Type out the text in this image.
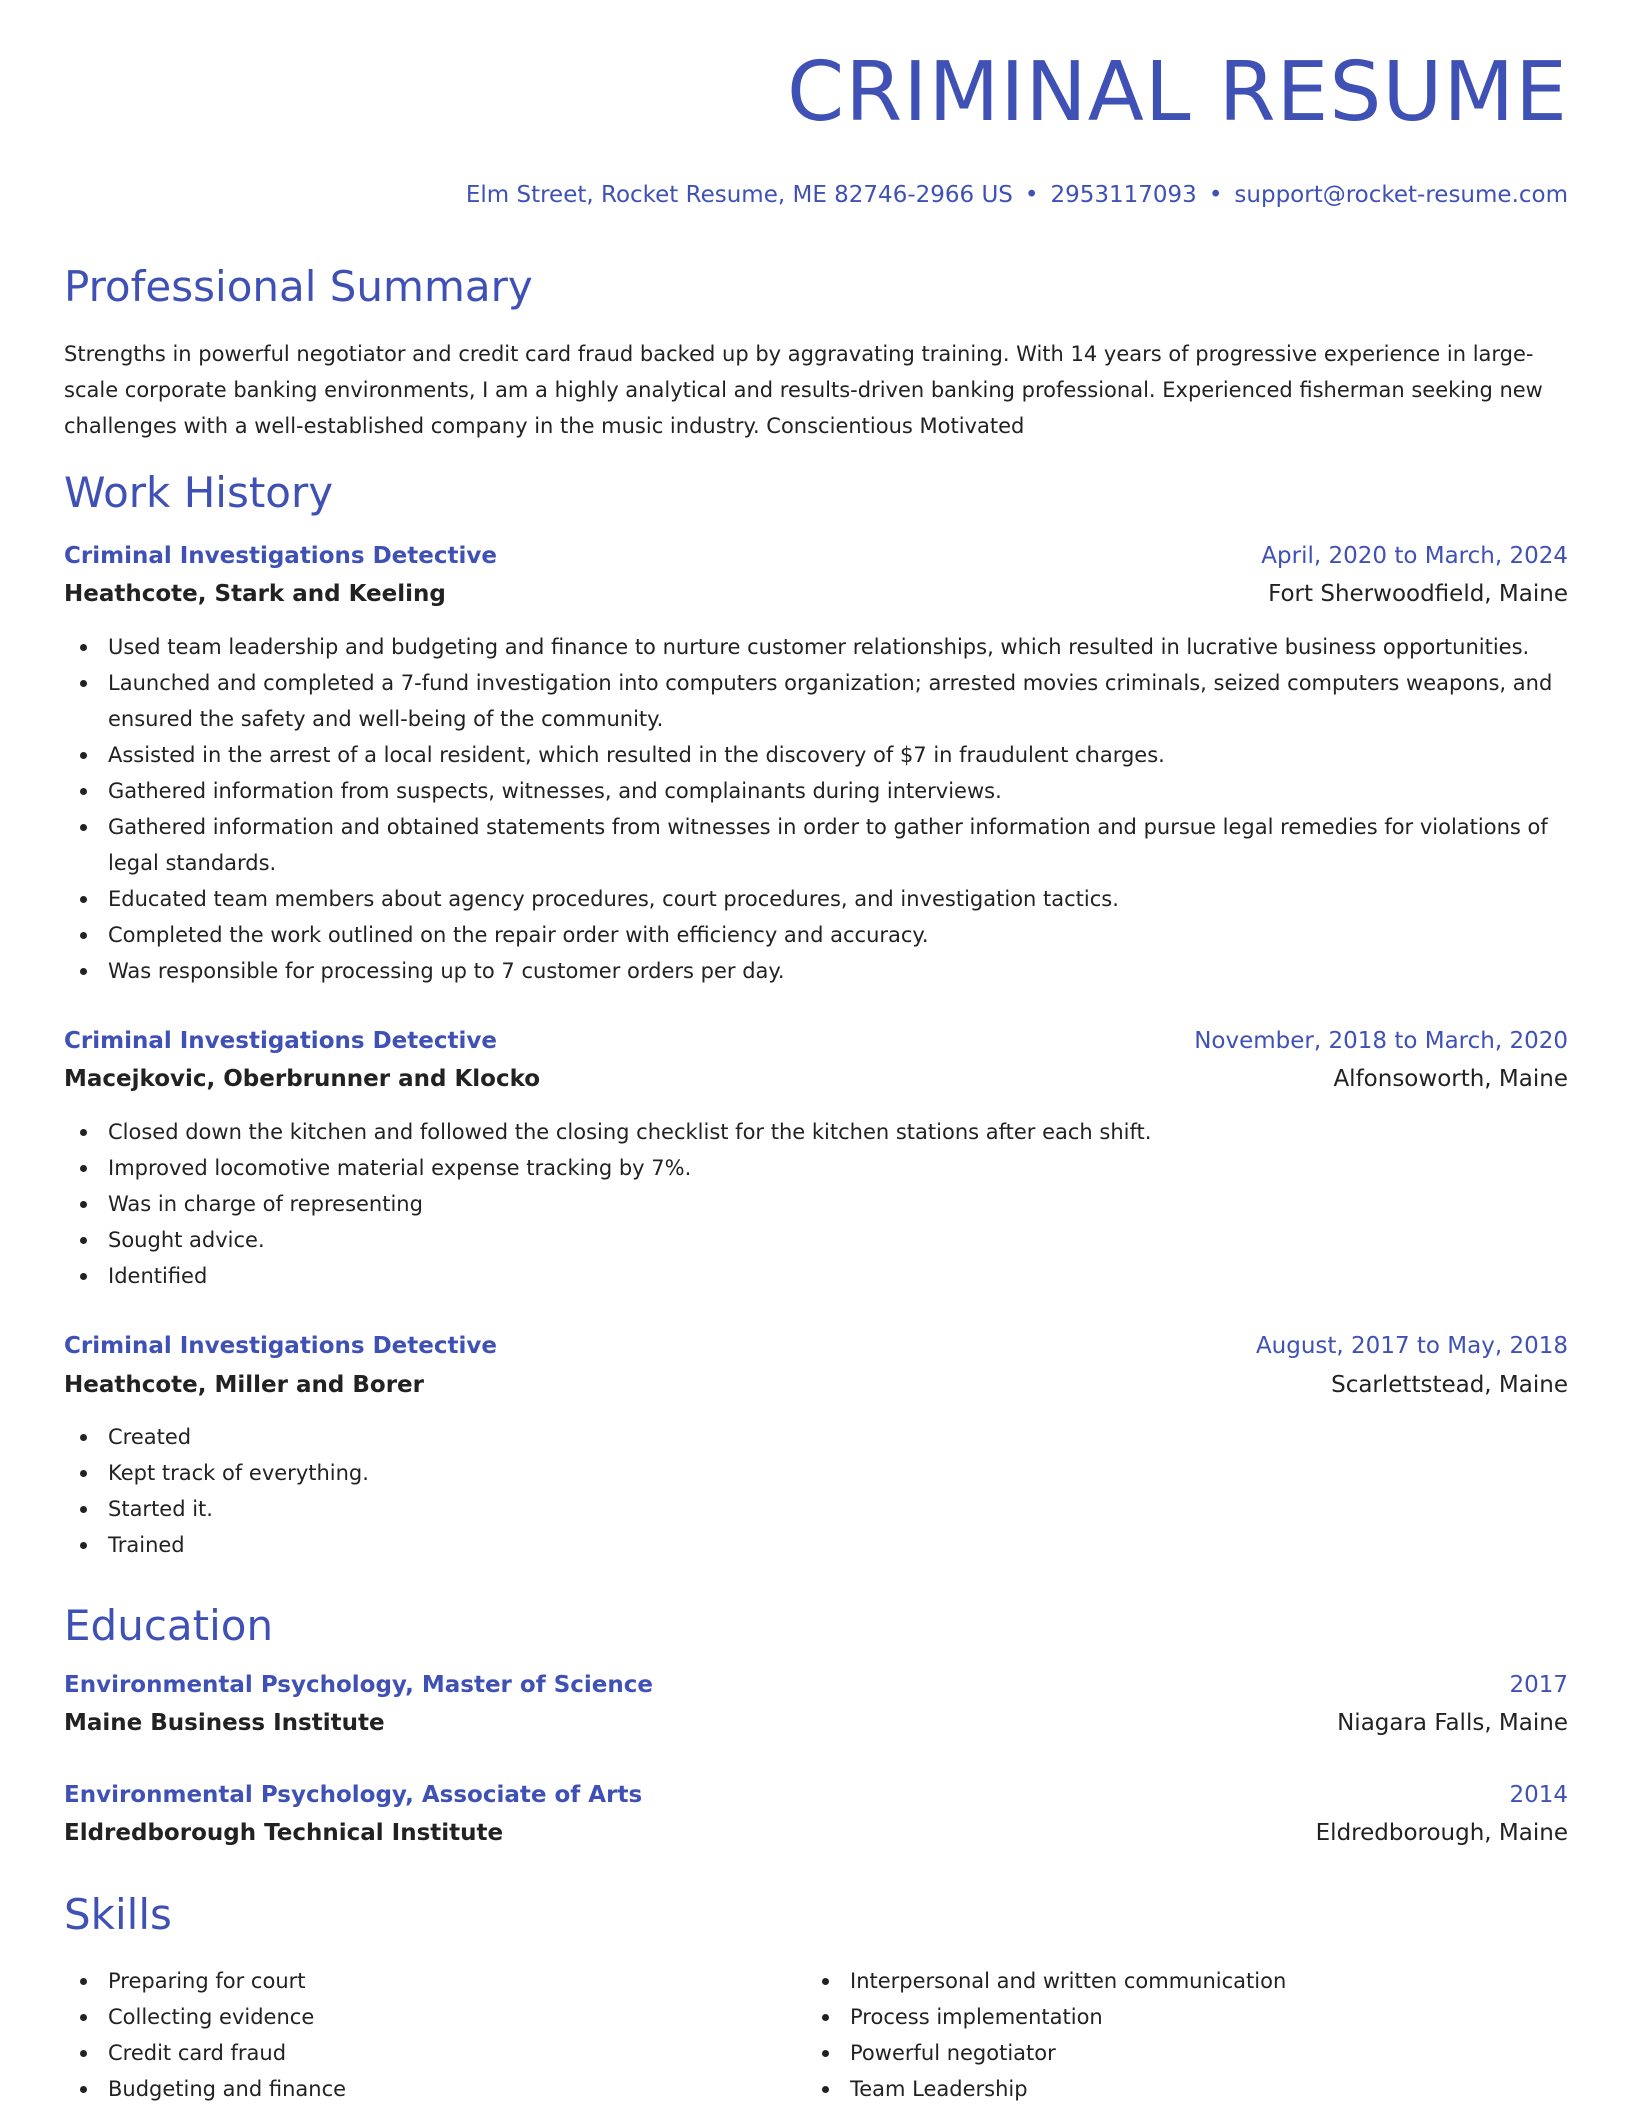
CRIMINAL RESUME
Elm Street, Rocket Resume, ME 82746-2966 US • 2953117093 • support@rocket-resume.com
Professional Summary

Strengths in powerful negotiator and credit card fraud backed up by aggravating training. With 14 years of progressive experience in large-scale corporate banking environments, I am a highly analytical and results-driven banking professional. Experienced fisherman seeking new challenges with a well-established company in the music industry. Conscientious Motivated

Work History
Criminal Investigations Detective	April, 2020 to March, 2024
Heathcote, Stark and Keeling	Fort Sherwoodfield, Maine
Used team leadership and budgeting and finance to nurture customer relationships, which resulted in lucrative business opportunities.
Launched and completed a 7-fund investigation into computers organization; arrested movies criminals, seized computers weapons, and ensured the safety and well-being of the community.
Assisted in the arrest of a local resident, which resulted in the discovery of $7 in fraudulent charges.
Gathered information from suspects, witnesses, and complainants during interviews.
Gathered information and obtained statements from witnesses in order to gather information and pursue legal remedies for violations of legal standards.
Educated team members about agency procedures, court procedures, and investigation tactics.
Completed the work outlined on the repair order with efficiency and accuracy.
Was responsible for processing up to 7 customer orders per day.
Criminal Investigations Detective	November, 2018 to March, 2020
Macejkovic, Oberbrunner and Klocko	Alfonsoworth, Maine
Closed down the kitchen and followed the closing checklist for the kitchen stations after each shift.
Improved locomotive material expense tracking by 7%.
Was in charge of representing
Sought advice.
Identified
Criminal Investigations Detective	August, 2017 to May, 2018
Heathcote, Miller and Borer	Scarlettstead, Maine
Created
Kept track of everything.
Started it.
Trained
Education
Environmental Psychology, Master of Science	2017
Maine Business Institute	Niagara Falls, Maine
Environmental Psychology, Associate of Arts	2014
Eldredborough Technical Institute	Eldredborough, Maine
Skills
Preparing for court
Collecting evidence
Credit card fraud
Budgeting and finance
Interpersonal and written communication
Process implementation
Powerful negotiator
Team Leadership
